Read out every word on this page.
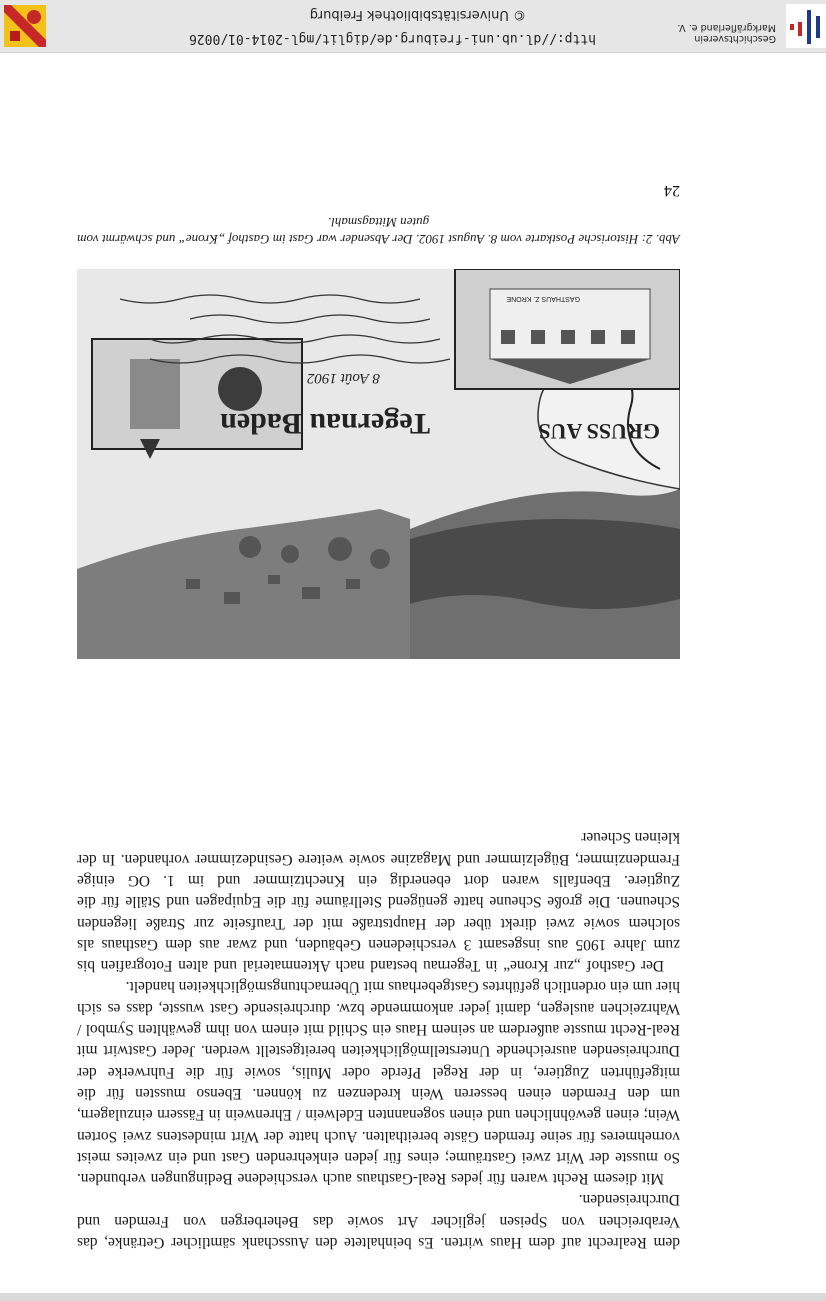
dem Realrecht auf dem Haus wirten. Es beinhaltete den Ausschank sämtlicher Getränke, das Verabreichen von Speisen jeglicher Art sowie das Beherbergen von Fremden und Durchreisenden.

Mit diesem Recht waren für jedes Real-Gasthaus auch verschiedene Bedingungen verbunden. So musste der Wirt zwei Gasträume; eines für jeden einkehrenden Gast und ein zweites meist vornehmeres für seine fremden Gäste bereithalten. Auch hatte der Wirt mindestens zwei Sorten Wein; einen gewöhnlichen und einen sogenannten Edelwein / Ehrenwein in Fässern einzulagern, um den Fremden einen besseren Wein kredenzen zu können. Ebenso mussten für die mitgeführten Zugtiere, in der Regel Pferde oder Mulis, sowie für die Fuhrwerke der Durchreisenden ausreichende Unterstellmöglichkeiten bereitgestellt werden. Jeder Gastwirt mit Real-Recht musste außerdem an seinem Haus ein Schild mit einem von ihm gewählten Symbol / Wahrzeichen auslegen, damit jeder ankommende bzw. durchreisende Gast wusste, dass es sich hier um ein ordentlich geführtes Gastgeberhaus mit Übernachtungsmöglichkeiten handelt.

Der Gasthof „zur Krone“ in Tegernau bestand nach Aktenmaterial und alten Fotografien bis zum Jahre 1905 aus insgesamt 3 verschiedenen Gebäuden, und zwar aus dem Gasthaus als solchem sowie zwei direkt über der Hauptstraße mit der Traufseite zur Straße liegenden Scheunen. Die große Scheune hatte genügend Stellräume für die Equipagen und Ställe für die Zugtiere. Ebenfalls waren dort ebenerdig ein Knechtzimmer und im 1. OG einige Fremdenzimmer, Bügelzimmer und Magazine sowie weitere Gesindezimmer vorhanden. In der kleinen Scheuer

Tegernau Baden	GRUSS AUS
8 Août 1902
GASTHAUS Z. KRONE
Abb. 2: Historische Postkarte vom 8. August 1902. Der Absender war Gast im Gasthof „Krone“ und schwärmt vom guten Mittagsmahl.
24
http://dl.ub.uni-freiburg.de/diglit/mgl-2014-01/0026
© Universitätsbibliothek Freiburg
Geschichtsverein
Markgräflerland e. V.
